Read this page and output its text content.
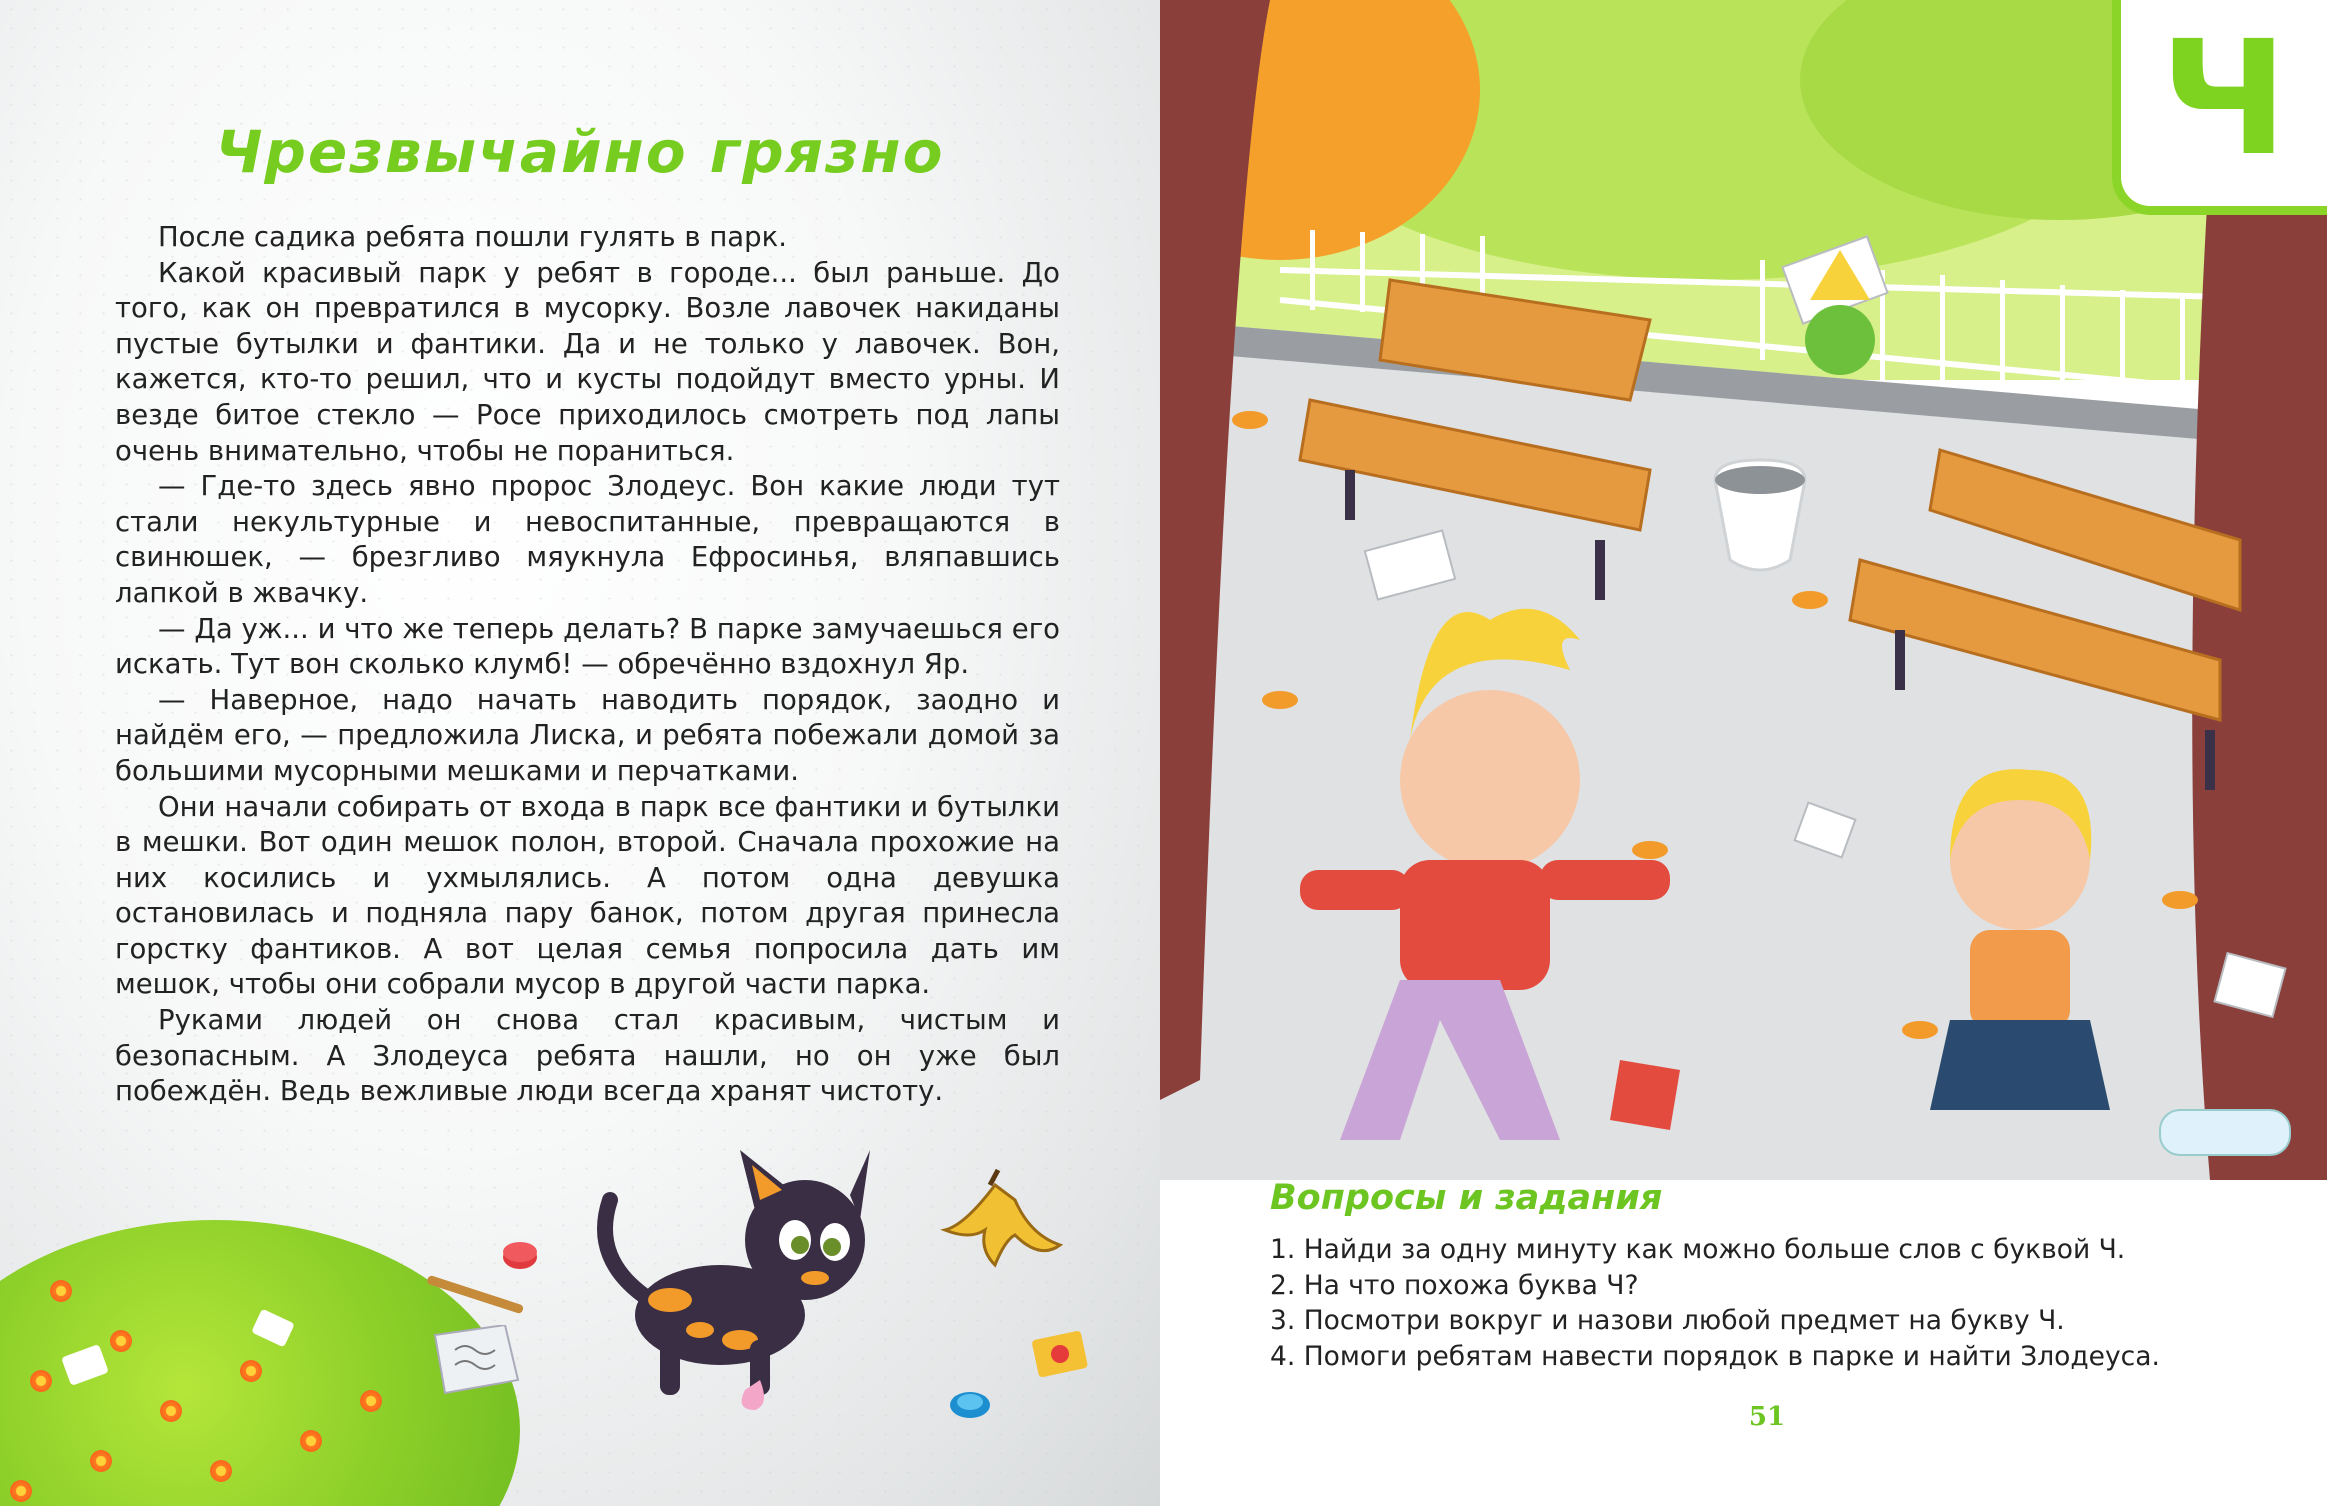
Чрезвычайно грязно

После садика ребята пошли гулять в парк.

Какой красивый парк у ребят в городе... был раньше. До того, как он превратился в мусорку. Возле лавочек накиданы пустые бутылки и фантики. Да и не только у лавочек. Вон, кажется, кто-то решил, что и кусты подойдут вместо урны. И везде битое стекло — Росе приходилось смотреть под лапы очень внимательно, чтобы не пораниться.

— Где-то здесь явно пророс Злодеус. Вон какие люди тут стали некультурные и невоспитанные, превращаются в свинюшек, — брезгливо мяукнула Ефросинья, вляпавшись лапкой в жвачку.

— Да уж... и что же теперь делать? В парке замучаешься его искать. Тут вон сколько клумб! — обречённо вздохнул Яр.

— Наверное, надо начать наводить порядок, заодно и найдём его, — предложила Лиска, и ребята побежали домой за большими мусорными мешками и перчатками.

Они начали собирать от входа в парк все фантики и бутылки в мешки. Вот один мешок полон, второй. Сначала прохожие на них косились и ухмылялись. А потом одна девушка остановилась и подняла пару банок, потом другая принесла горстку фантиков. А вот целая семья попросила дать им мешок, чтобы они собрали мусор в другой части парка.

Руками людей он снова стал красивым, чистым и безопасным. А Злодеуса ребята нашли, но он уже был побеждён. Ведь вежливые люди всегда хранят чистоту.

Ч
Вопросы и задания
1. Найди за одну минуту как можно больше слов с буквой Ч.
2. На что похожа буква Ч?
3. Посмотри вокруг и назови любой предмет на букву Ч.
4. Помоги ребятам навести порядок в парке и найти Злодеуса.
51
